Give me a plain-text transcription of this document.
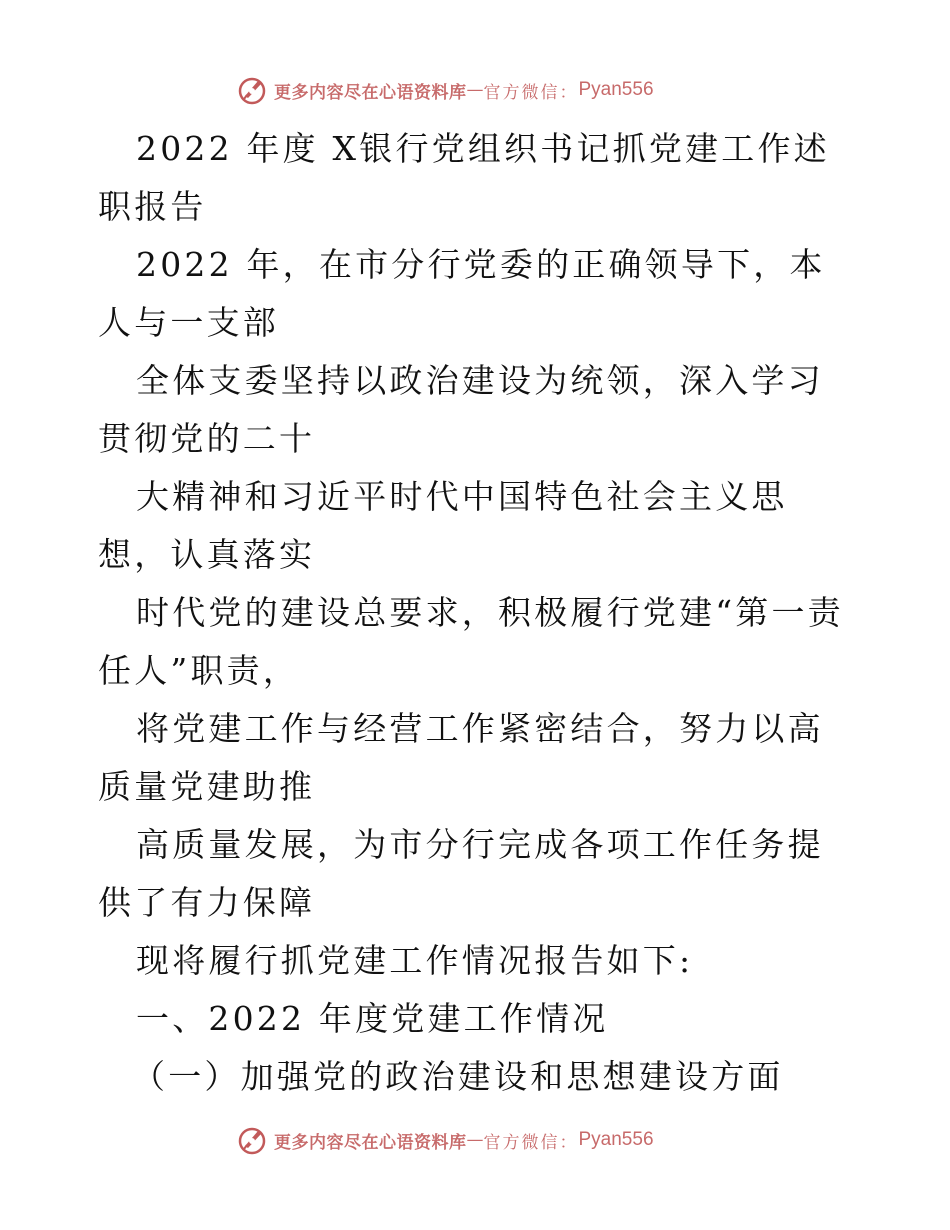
更多内容尽在心语资料库 — 官方微信： Pyan556

2022 年度 X银行党组织书记抓党建工作述职报告

2022 年，在市分行党委的正确领导下，本人与一支部

全体支委坚持以政治建设为统领，深入学习贯彻党的二十

大精神和习近平时代中国特色社会主义思想，认真落实

时代党的建设总要求，积极履行党建“第一责任人”职责，

将党建工作与经营工作紧密结合，努力以高质量党建助推

高质量发展，为市分行完成各项工作任务提供了有力保障

现将履行抓党建工作情况报告如下:

一、2022 年度党建工作情况

（一）加强党的政治建设和思想建设方面

更多内容尽在心语资料库 — 官方微信： Pyan556
